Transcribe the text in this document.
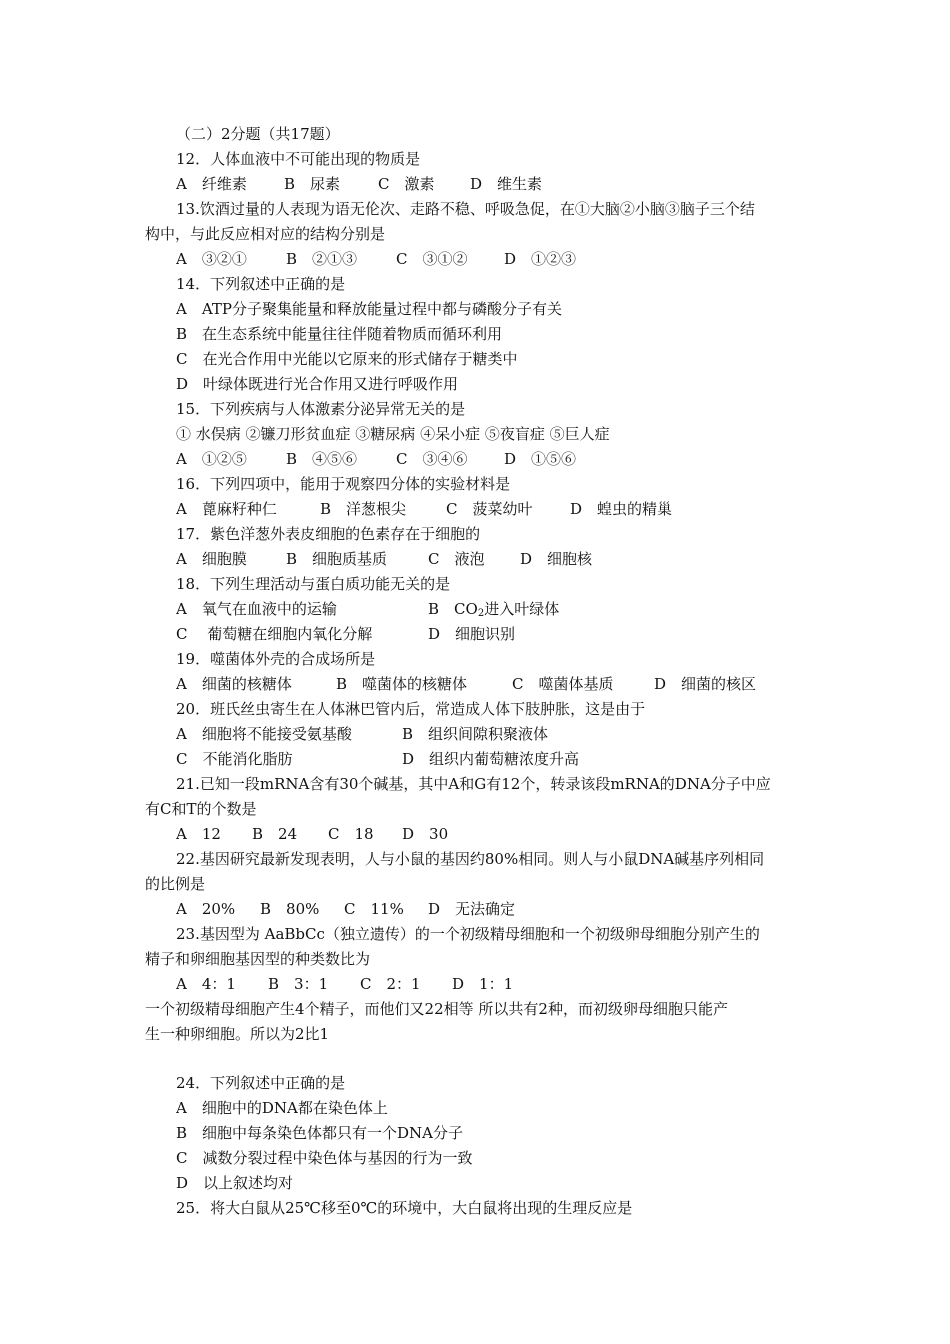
（二）2分题（共17题）
12．人体血液中不可能出现的物质是
A　纤维素 B　尿素	C　激素 D　维生素
13.饮酒过量的人表现为语无伦次、走路不稳、呼吸急促，在①大脑②小脑③脑子三个结
构中，与此反应相对应的结构分别是
A　③②①	B　②①③	C　③①② D　①②③
14．下列叙述中正确的是
A　ATP分子聚集能量和释放能量过程中都与磷酸分子有关
B　在生态系统中能量往往伴随着物质而循环利用
C　在光合作用中光能以它原来的形式储存于糖类中
D　叶绿体既进行光合作用又进行呼吸作用
15．下列疾病与人体激素分泌异常无关的是
① 水俣病 ②镰刀形贫血症 ③糖尿病 ④呆小症 ⑤夜盲症 ⑤巨人症
A　①②⑤	B　④⑤⑥	C　③④⑥ D　①⑤⑥
16．下列四项中，能用于观察四分体的实验材料是
A　蓖麻籽种仁	B　洋葱根尖	C　菠菜幼叶	D　蝗虫的精巢
17．紫色洋葱外表皮细胞的色素存在于细胞的
A　细胞膜	B　细胞质基质	C　液泡 D　细胞核
18．下列生理活动与蛋白质功能无关的是
A　氧气在血液中的运输	B　$CO_2$进入叶绿体
C　 葡萄糖在细胞内氧化分解	D　细胞识别
19．噬菌体外壳的合成场所是
A　细菌的核糖体	B　噬菌体的核糖体	C　噬菌体基质	D　细菌的核区
20．班氏丝虫寄生在人体淋巴管内后，常造成人体下肢肿胀，这是由于
A　细胞将不能接受氨基酸	B　组织间隙积聚液体
C　不能消化脂肪	D　组织内葡萄糖浓度升高
21.已知一段mRNA含有30个碱基，其中A和G有12个，转录该段mRNA的DNA分子中应
有C和T的个数是
A　12 B　24 C　18 D　30
22.基因研究最新发现表明，人与小鼠的基因约80%相同。则人与小鼠DNA碱基序列相同
的比例是
A　20% B　80% C　11% D　无法确定
23.基因型为 AaBbCc（独立遗传）的一个初级精母细胞和一个初级卵母细胞分别产生的
精子和卵细胞基因型的种类数比为
A　4：1 B　3：1 C　2：1 D　1：1
一个初级精母细胞产生4个精子，而他们又22相等 所以共有2种，而初级卵母细胞只能产
生一种卵细胞。所以为2比1
24．下列叙述中正确的是
A　细胞中的DNA都在染色体上
B　细胞中每条染色体都只有一个DNA分子
C　减数分裂过程中染色体与基因的行为一致
D　以上叙述均对
25．将大白鼠从25℃移至0℃的环境中，大白鼠将出现的生理反应是
